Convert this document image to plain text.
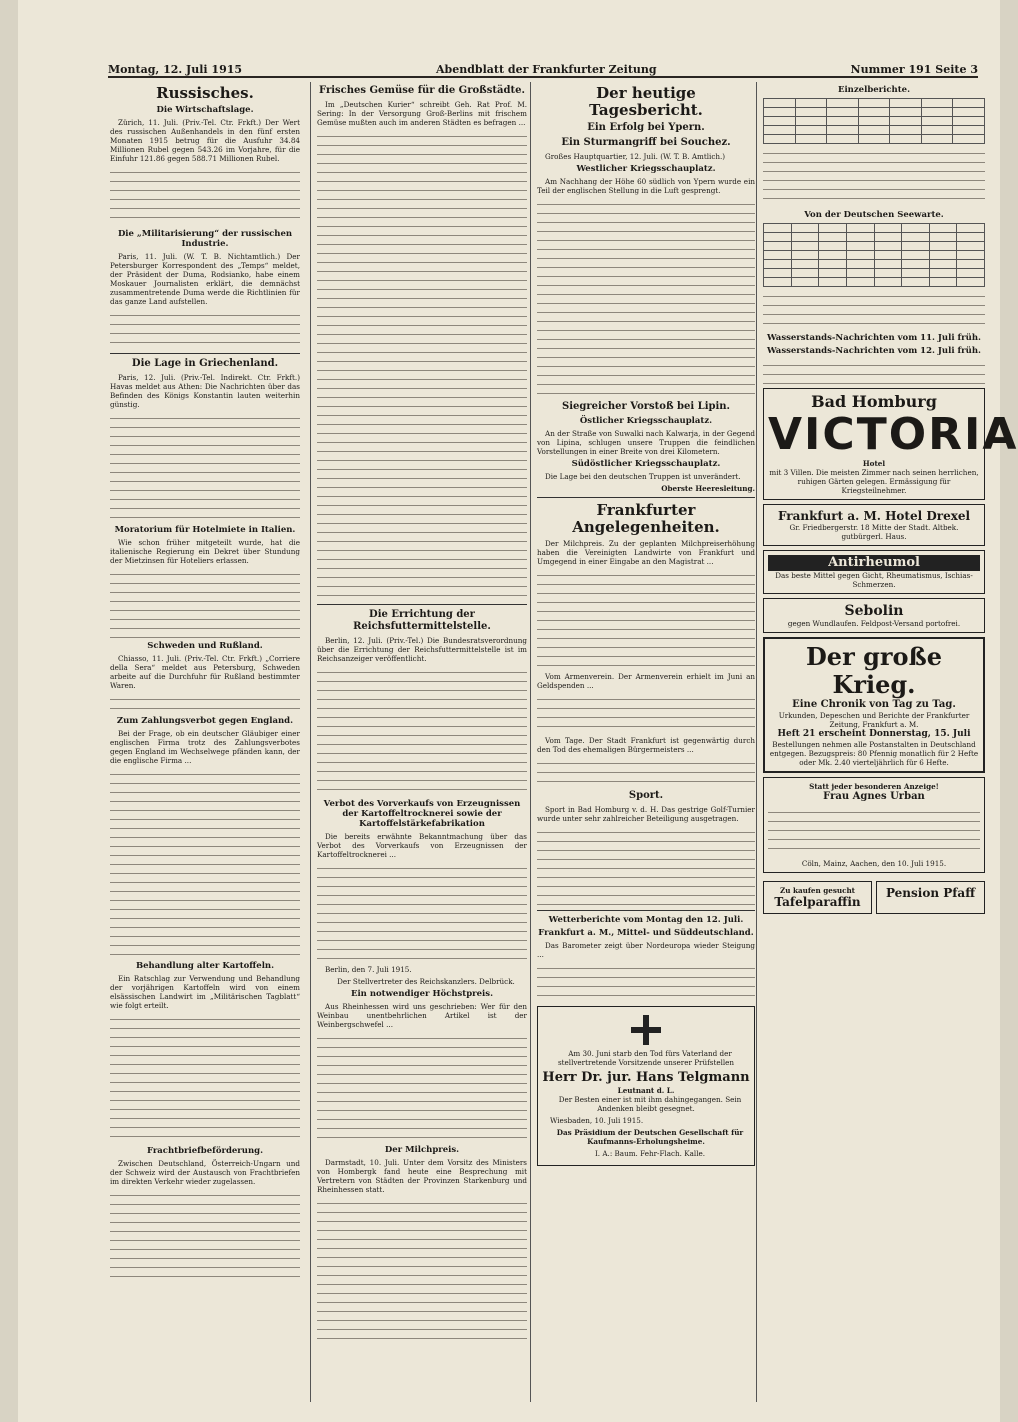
Montag, 12. Juli 1915	Abendblatt der Frankfurter Zeitung	Nummer 191 Seite 3
Russisches.
Die Wirtschaftslage.

Zürich, 11. Juli. (Priv.-Tel. Ctr. Frkft.) Der Wert des russischen Außenhandels in den fünf ersten Monaten 1915 betrug für die Ausfuhr 34.84 Millionen Rubel gegen 543.26 im Vorjahre, für die Einfuhr 121.86 gegen 588.71 Millionen Rubel.

Die „Militarisierung“ der russischen Industrie.

Paris, 11. Juli. (W. T. B. Nichtamtlich.) Der Petersburger Korrespondent des „Temps“ meldet, der Präsident der Duma, Rodsianko, habe einem Moskauer Journalisten erklärt, die demnächst zusammentretende Duma werde die Richtlinien für das ganze Land aufstellen.

Die Lage in Griechenland.

Paris, 12. Juli. (Priv.-Tel. Indirekt. Ctr. Frkft.) Havas meldet aus Athen: Die Nachrichten über das Befinden des Königs Konstantin lauten weiterhin günstig.

Moratorium für Hotelmiete in Italien.

Wie schon früher mitgeteilt wurde, hat die italienische Regierung ein Dekret über Stundung der Mietzinsen für Hoteliers erlassen.

Schweden und Rußland.

Chiasso, 11. Juli. (Priv.-Tel. Ctr. Frkft.) „Corriere della Sera“ meldet aus Petersburg, Schweden arbeite auf die Durchfuhr für Rußland bestimmter Waren.

Zum Zahlungsverbot gegen England.

Bei der Frage, ob ein deutscher Gläubiger einer englischen Firma trotz des Zahlungsverbotes gegen England im Wechselwege pfänden kann, der die englische Firma ...

Behandlung alter Kartoffeln.

Ein Ratschlag zur Verwendung und Behandlung der vorjährigen Kartoffeln wird von einem elsässischen Landwirt im „Militärischen Tagblatt“ wie folgt erteilt.

Frachtbriefbeförderung.

Zwischen Deutschland, Österreich-Ungarn und der Schweiz wird der Austausch von Frachtbriefen im direkten Verkehr wieder zugelassen.

Frisches Gemüse für die Großstädte.

Im „Deutschen Kurier“ schreibt Geh. Rat Prof. M. Sering: In der Versorgung Groß-Berlins mit frischem Gemüse mußten auch im anderen Städten es befragen ...

Die Errichtung der Reichsfuttermittelstelle.

Berlin, 12. Juli. (Priv.-Tel.) Die Bundesratsverordnung über die Errichtung der Reichsfuttermittelstelle ist im Reichsanzeiger veröffentlicht.

Verbot des Vorverkaufs von Erzeugnissen der Kartoffeltrocknerei sowie der Kartoffelstärkefabrikation

Die bereits erwähnte Bekanntmachung über das Verbot des Vorverkaufs von Erzeugnissen der Kartoffeltrocknerei ...

Berlin, den 7. Juli 1915.

Der Stellvertreter des Reichskanzlers. Delbrück.

Ein notwendiger Höchstpreis.

Aus Rheinhessen wird uns geschrieben: Wer für den Weinbau unentbehrlichen Artikel ist der Weinbergschwefel ...

Der Milchpreis.

Darmstadt, 10. Juli. Unter dem Vorsitz des Ministers von Hombergk fand heute eine Besprechung mit Vertretern von Städten der Provinzen Starkenburg und Rheinhessen statt.

Der heutige Tagesbericht.
Ein Erfolg bei Ypern.
Ein Sturmangriff bei Souchez.

Großes Hauptquartier, 12. Juli. (W. T. B. Amtlich.)

Westlicher Kriegsschauplatz.

Am Nachhang der Höhe 60 südlich von Ypern wurde ein Teil der englischen Stellung in die Luft gesprengt.

Siegreicher Vorstoß bei Lipin.
Östlicher Kriegsschauplatz.

An der Straße von Suwalki nach Kalwarja, in der Gegend von Lipina, schlugen unsere Truppen die feindlichen Vorstellungen in einer Breite von drei Kilometern.

Südöstlicher Kriegsschauplatz.

Die Lage bei den deutschen Truppen ist unverändert.

Oberste Heeresleitung.

Frankfurter Angelegenheiten.

Der Milchpreis. Zu der geplanten Milchpreiserhöhung haben die Vereinigten Landwirte von Frankfurt und Umgegend in einer Eingabe an den Magistrat ...

Vom Armenverein. Der Armenverein erhielt im Juni an Geldspenden ...

Vom Tage. Der Stadt Frankfurt ist gegenwärtig durch den Tod des ehemaligen Bürgermeisters ...

Sport.

Sport in Bad Homburg v. d. H. Das gestrige Golf-Turnier wurde unter sehr zahlreicher Beteiligung ausgetragen.

Wetterberichte vom Montag den 12. Juli.
Frankfurt a. M., Mittel- und Süddeutschland.

Das Barometer zeigt über Nordeuropa wieder Steigung ...

Am 30. Juni starb den Tod fürs Vaterland der stellvertretende Vorsitzende unserer Prüfstellen

Herr Dr. jur. Hans Telgmann
Leutnant d. L.

Der Besten einer ist mit ihm dahingegangen. Sein Andenken bleibt gesegnet.

Wiesbaden, 10. Juli 1915.

Das Präsidium der Deutschen Gesellschaft für Kaufmanns-Erholungsheime.

I. A.: Baum. Fehr-Flach. Kalle.

Einzelberichte.

Von der Deutschen Seewarte.

Wasserstands-Nachrichten vom 11. Juli früh.
Wasserstands-Nachrichten vom 12. Juli früh.
Bad Homburg
VICTORIA
Hotel
mit 3 Villen. Die meisten Zimmer nach seinen herrlichen, ruhigen Gärten gelegen. Ermässigung für Kriegsteilnehmer.
Frankfurt a. M. Hotel Drexel
Gr. Friedbergerstr. 18 Mitte der Stadt. Altbek. gutbürgerl. Haus.
Antirheumol
Das beste Mittel gegen Gicht, Rheumatismus, Ischias-Schmerzen.
Sebolin
gegen Wundlaufen. Feldpost-Versand portofrei.
Der große Krieg.
Eine Chronik von Tag zu Tag.
Urkunden, Depeschen und Berichte der Frankfurter Zeitung, Frankfurt a. M.
Heft 21 erscheint Donnerstag, 15. Juli
Bestellungen nehmen alle Postanstalten in Deutschland entgegen. Bezugspreis: 80 Pfennig monatlich für 2 Hefte oder Mk. 2.40 vierteljährlich für 6 Hefte.
Statt jeder besonderen Anzeige!
Frau Agnes Urban
Cöln, Mainz, Aachen, den 10. Juli 1915.
Zu kaufen gesucht
Tafelparaffin
Pension Pfaff
